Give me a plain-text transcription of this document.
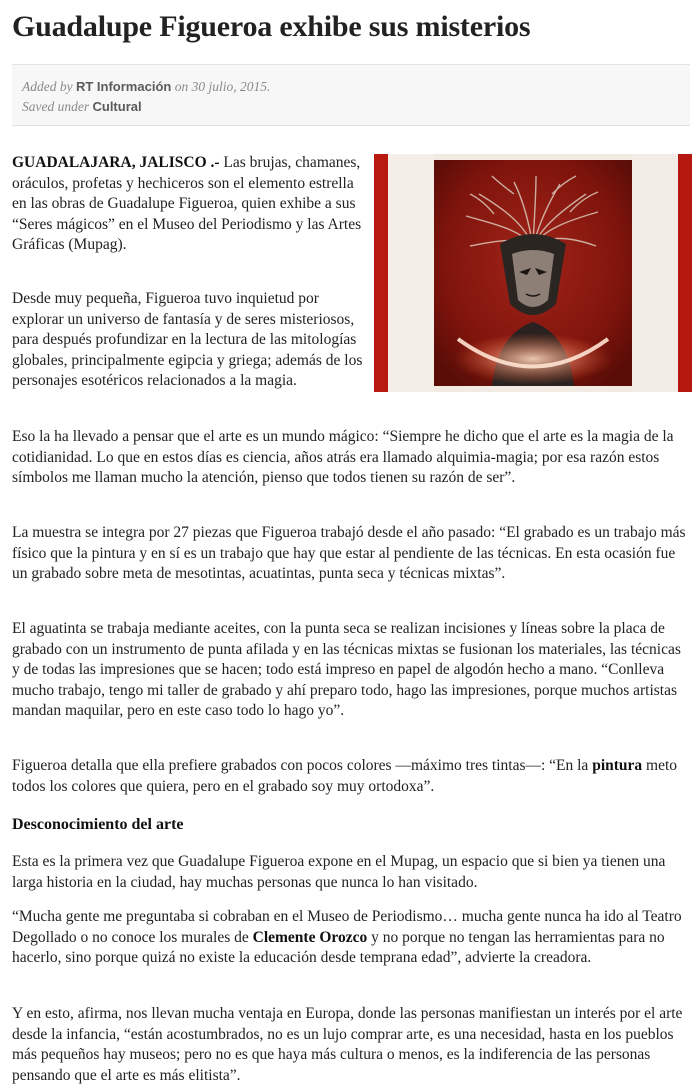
Guadalupe Figueroa exhibe sus misterios
Added by RT Información on 30 julio, 2015.
Saved under Cultural

GUADALAJARA, JALISCO .- Las brujas, chamanes, oráculos, profetas y hechiceros son el elemento estrella en las obras de Guadalupe Figueroa, quien exhibe a sus “Seres mágicos” en el Museo del Periodismo y las Artes Gráficas (Mupag).

Desde muy pequeña, Figueroa tuvo inquietud por explorar un universo de fantasía y de seres misteriosos, para después profundizar en la lectura de las mitologías globales, principalmente egipcia y griega; además de los personajes esotéricos relacionados a la magia.

Eso la ha llevado a pensar que el arte es un mundo mágico: “Siempre he dicho que el arte es la magia de la cotidianidad. Lo que en estos días es ciencia, años atrás era llamado alquimia-magia; por esa razón estos símbolos me llaman mucho la atención, pienso que todos tienen su razón de ser”.

La muestra se integra por 27 piezas que Figueroa trabajó desde el año pasado: “El grabado es un trabajo más físico que la pintura y en sí es un trabajo que hay que estar al pendiente de las técnicas. En esta ocasión fue un grabado sobre meta de mesotintas, acuatintas, punta seca y técnicas mixtas”.

El aguatinta se trabaja mediante aceites, con la punta seca se realizan incisiones y líneas sobre la placa de grabado con un instrumento de punta afilada y en las técnicas mixtas se fusionan los materiales, las técnicas y de todas las impresiones que se hacen; todo está impreso en papel de algodón hecho a mano. “Conlleva mucho trabajo, tengo mi taller de grabado y ahí preparo todo, hago las impresiones, porque muchos artistas mandan maquilar, pero en este caso todo lo hago yo”.

Figueroa detalla que ella prefiere grabados con pocos colores —máximo tres tintas—: “En la pintura meto todos los colores que quiera, pero en el grabado soy muy ortodoxa”.

Desconocimiento del arte

Esta es la primera vez que Guadalupe Figueroa expone en el Mupag, un espacio que si bien ya tienen una larga historia en la ciudad, hay muchas personas que nunca lo han visitado.

“Mucha gente me preguntaba si cobraban en el Museo de Periodismo… mucha gente nunca ha ido al Teatro Degollado o no conoce los murales de Clemente Orozco y no porque no tengan las herramientas para no hacerlo, sino porque quizá no existe la educación desde temprana edad”, advierte la creadora.

Y en esto, afirma, nos llevan mucha ventaja en Europa, donde las personas manifiestan un interés por el arte desde la infancia, “están acostumbrados, no es un lujo comprar arte, es una necesidad, hasta en los pueblos más pequeños hay museos; pero no es que haya más cultura o menos, es la indiferencia de las personas pensando que el arte es más elitista”.
